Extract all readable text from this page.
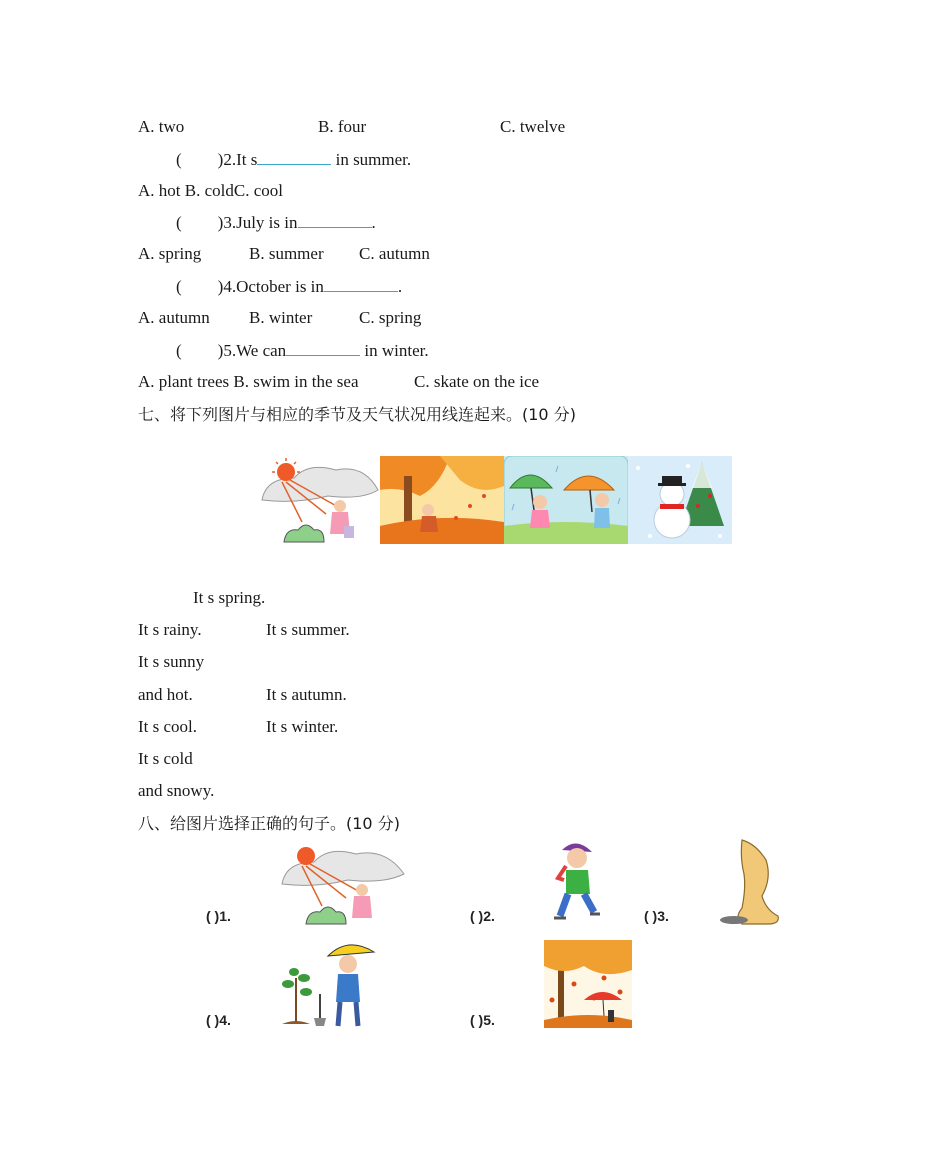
A. two	B. four	C. twelve
( )2.It s	in summer.
A. hot B. coldC. cool
( )3.July is in	.
A. spring	B. summer C. autumn
( )4.October is in	.
A. autumn B. winter	C. spring
( )5.We can	in winter.
A. plant trees B. swim in the sea	C. skate on the ice
七、将下列图片与相应的季节及天气状况用线连起来。(10 分)
It s spring.
It s rainy.	It s summer.
It s sunny
and hot.	It s autumn.
It s cool.	It s winter.
It s cold
and snowy.
八、给图片选择正确的句子。(10 分)
( )1.	( )2.	( )3.
( )4.	( )5.
